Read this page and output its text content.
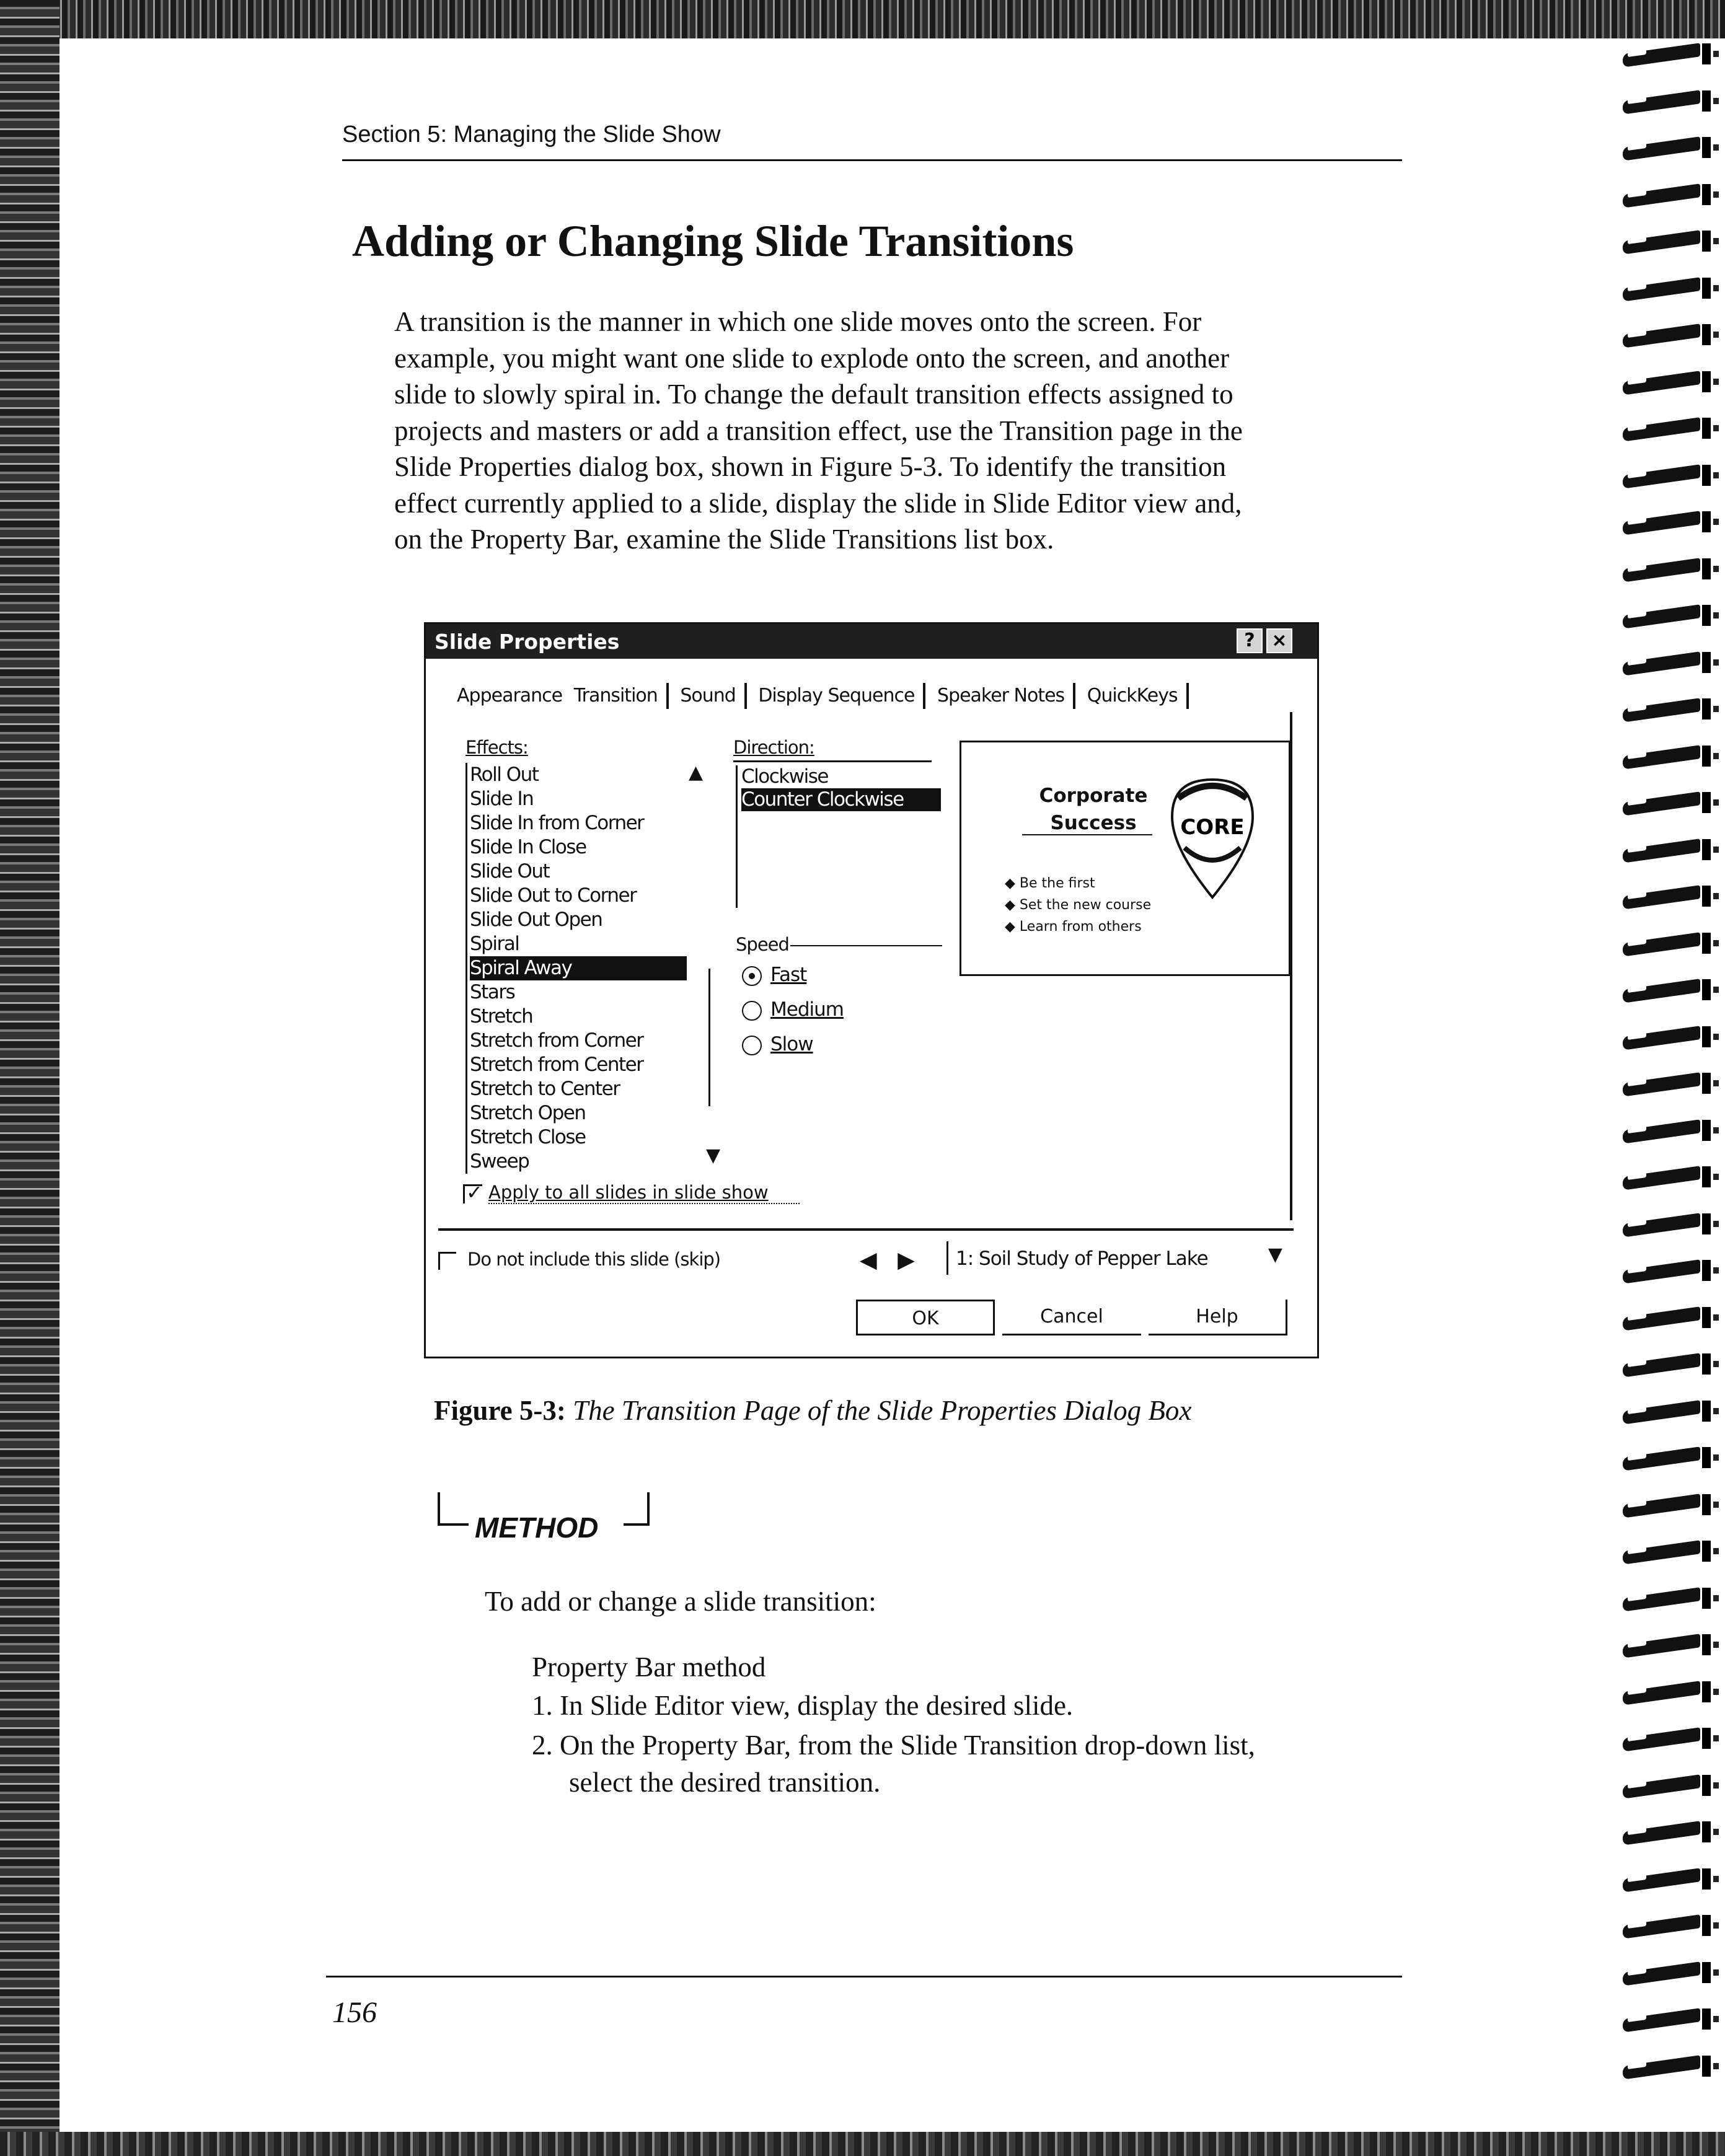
Section 5: Managing the Slide Show
Adding or Changing Slide Transitions

A transition is the manner in which one slide moves onto the screen. For

example, you might want one slide to explode onto the screen, and another

slide to slowly spiral in. To change the default transition effects assigned to

projects and masters or add a transition effect, use the Transition page in the

Slide Properties dialog box, shown in Figure 5-3. To identify the transition

effect currently applied to a slide, display the slide in Slide Editor view and,

on the Property Bar, examine the Slide Transitions list box.

Slide Properties	? ×
Appearance Transition Sound Display Sequence Speaker Notes QuickKeys
Effects:
Roll Out
Slide In
Slide In from Corner
Slide In Close
Slide Out
Slide Out to Corner
Slide Out Open
Spiral
Spiral Away
Stars
Stretch
Stretch from Corner
Stretch from Center
Stretch to Center
Stretch Open
Stretch Close
Sweep
▲
▼
Direction:
Clockwise
Counter Clockwise
Speed
Fast
Medium
Slow
Corporate
Success
◆ Be the first
◆ Set the new course
◆ Learn from others
CORE
✓Apply to all slides in slide show
Do not include this slide (skip)	◀ ▶ 1: Soil Study of Pepper Lake	▼
OK	Cancel	Help
Figure 5-3: The Transition Page of the Slide Properties Dialog Box
METHOD
To add or change a slide transition:
Property Bar method
1. In Slide Editor view, display the desired slide.
2. On the Property Bar, from the Slide Transition drop-down list,
select the desired transition.
156
